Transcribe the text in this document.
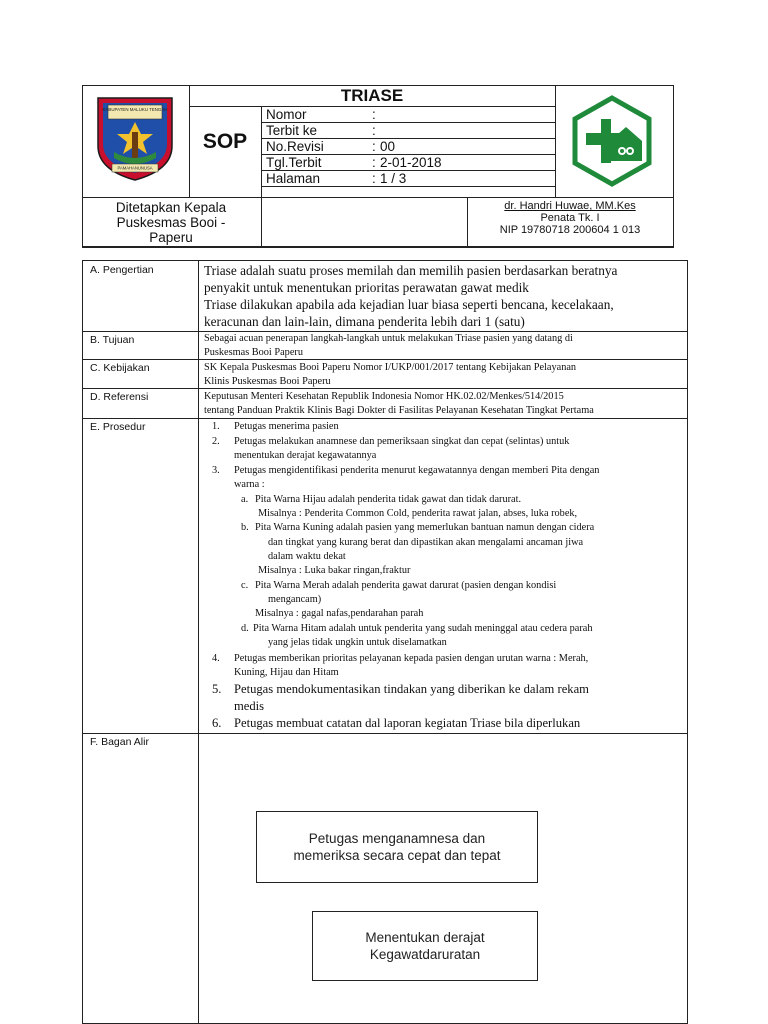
KABUPATEN MALUKU TENGAH
PAMAHANUNUSA
SOP
TRIASE
Nomor	:
Terbit ke	:
No.Revisi	: 00
Tgl.Terbit	: 2-01-2018
Halaman	: 1 / 3
Ditetapkan Kepala Puskesmas Booi - Paperu
dr. Handri Huwae, MM.Kes
Penata Tk. I
NIP 19780718 200604 1 013
A. Pengertian	Triase adalah suatu proses memilah dan memilih pasien berdasarkan beratnya
penyakit untuk menentukan prioritas perawatan gawat medik
Triase dilakukan apabila ada kejadian luar biasa seperti bencana, kecelakaan,
keracunan dan lain-lain, dimana penderita lebih dari 1 (satu)
B. Tujuan	Sebagai acuan penerapan langkah-langkah untuk melakukan Triase pasien yang datang di
Puskesmas Booi Paperu
C. Kebijakan	SK Kepala Puskesmas Booi Paperu Nomor I/UKP/001/2017 tentang Kebijakan Pelayanan
Klinis Puskesmas Booi Paperu
D. Referensi	Keputusan Menteri Kesehatan Republik Indonesia Nomor HK.02.02/Menkes/514/2015
tentang Panduan Praktik Klinis Bagi Dokter di Fasilitas Pelayanan Kesehatan Tingkat Pertama
E. Prosedur	1. Petugas menerima pasien
2. Petugas melakukan anamnese dan pemeriksaan singkat dan cepat (selintas) untuk
menentukan derajat kegawatannya
3. Petugas mengidentifikasi penderita menurut kegawatannya dengan memberi Pita dengan
warna :
a. Pita Warna Hijau adalah penderita tidak gawat dan tidak darurat.
Misalnya : Penderita Common Cold, penderita rawat jalan, abses, luka robek,
b. Pita Warna Kuning adalah pasien yang memerlukan bantuan namun dengan cidera
dan tingkat yang kurang berat dan dipastikan akan mengalami ancaman jiwa
dalam waktu dekat
Misalnya : Luka bakar ringan,fraktur
c. Pita Warna Merah adalah penderita gawat darurat (pasien dengan kondisi
mengancam)
Misalnya : gagal nafas,pendarahan parah
d. Pita Warna Hitam adalah untuk penderita yang sudah meninggal atau cedera parah
yang jelas tidak ungkin untuk diselamatkan
4. Petugas memberikan prioritas pelayanan kepada pasien dengan urutan warna : Merah,
Kuning, Hijau dan Hitam
5. Petugas mendokumentasikan tindakan yang diberikan ke dalam rekam
medis
6. Petugas membuat catatan dal laporan kegiatan Triase bila diperlukan
F. Bagan Alir
Petugas menganamnesa dan memeriksa secara cepat dan tepat
Menentukan derajat Kegawatdaruratan
